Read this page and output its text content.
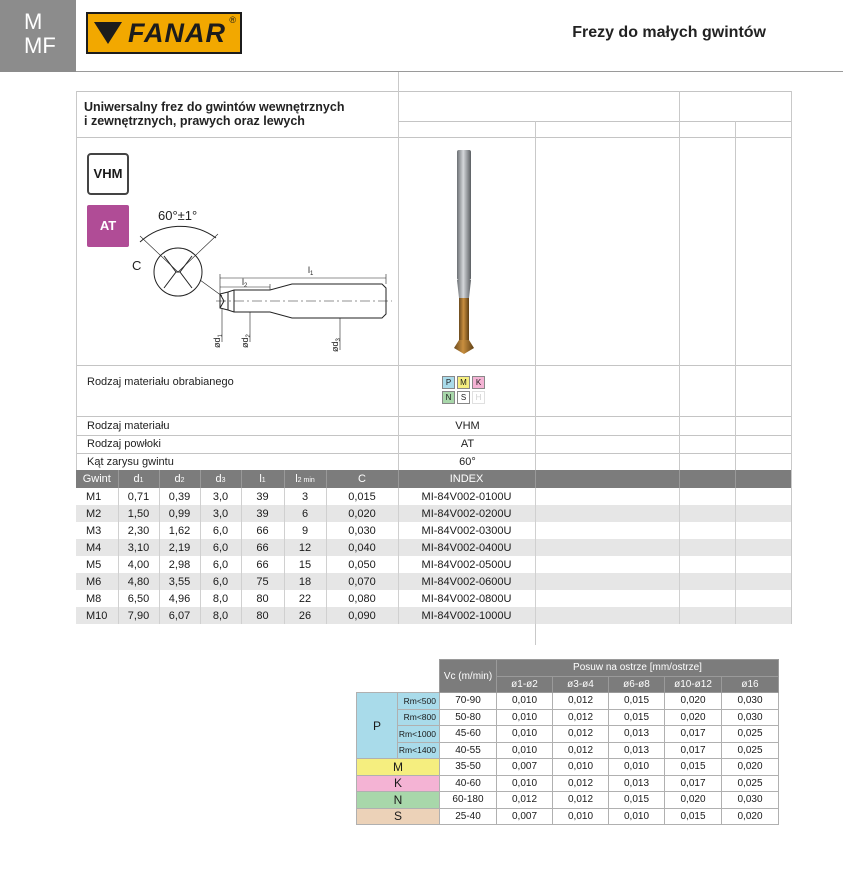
M
MF	FANAR ®
Frezy do małych gwintów
Uniwersalny frez do gwintów wewnętrznych
i zewnętrznych, prawych oraz lewych
VHM
AT
60°±1°
C	$l_1$
$l_2$
$ød_1$
$ød_2$
$ød_3$
Rodzaj materiału obrabianego	P	M	K
N	S	H
Rodzaj materiału	VHM
Rodzaj powłoki	AT
Kąt zarysu gwintu	60°
Gwint	d1	d2	d3	l1	l2 min	C	INDEX			
M1	0,71	0,39	3,0	39	3	0,015	MI-84V002-0100U			
M2	1,50	0,99	3,0	39	6	0,020	MI-84V002-0200U			
M3	2,30	1,62	6,0	66	9	0,030	MI-84V002-0300U			
M4	3,10	2,19	6,0	66	12	0,040	MI-84V002-0400U			
M5	4,00	2,98	6,0	66	15	0,050	MI-84V002-0500U			
M6	4,80	3,55	6,0	75	18	0,070	MI-84V002-0600U			
M8	6,50	4,96	8,0	80	22	0,080	MI-84V002-0800U			
M10	7,90	6,07	8,0	80	26	0,090	MI-84V002-1000U			
		Vc (m/min)	Posuw na ostrze [mm/ostrze]				
			ø1-ø2	ø3-ø4	ø6-ø8	ø10-ø12	ø16
P	Rm<500	70-90	0,010	0,012	0,015	0,020	0,030
	Rm<800	50-80	0,010	0,012	0,015	0,020	0,030
	Rm<1000	45-60	0,010	0,012	0,013	0,017	0,025
	Rm<1400	40-55	0,010	0,012	0,013	0,017	0,025
M		35-50	0,007	0,010	0,010	0,015	0,020
K		40-60	0,010	0,012	0,013	0,017	0,025
N		60-180	0,012	0,012	0,015	0,020	0,030
S		25-40	0,007	0,010	0,010	0,015	0,020
